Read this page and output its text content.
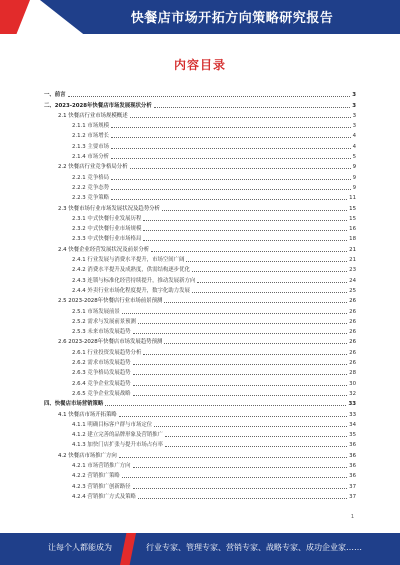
快餐店市场开拓方向策略研究报告
内容目录
一、前言	3
二、2023-2028年快餐店市场发展现状分析	3
2.1 快餐店行业市场规模概述	3
2.1.1 市场规模	3
2.1.2 市场增长	4
2.1.3 主要市场	4
2.1.4 市场分析	5
2.2 快餐店行业竞争格局分析	9
2.2.1 竞争格局	9
2.2.2 竞争态势	9
2.2.3 竞争策略	11
2.3 快餐市场行业市场发展状况及趋势分析	15
2.3.1 中式快餐行业发展历程	15
2.3.2 中式快餐行业市场规模	16
2.3.3 中式快餐行业市场格局	18
2.4 快餐企业经营发展状况及前景分析	21
2.4.1 行业发展与消费水平提升，市场空间广阔	21
2.4.2 消费水平提升及成熟度，供需结构逐步优化	23
2.4.3 连锁与标准化经营持续提升，推动发展新方向	24
2.4.4 外卖行业市场化程度提升，数字化助力发展	25
2.5 2023-2028年快餐店行业市场前景预测	26
2.5.1 市场发展前景	26
2.5.2 需求与发展前景预测	26
2.5.3 未来市场发展趋势	26
2.6 2023-2028年快餐店市场发展趋势预测	26
2.6.1 行业投资发展趋势分析	26
2.6.2 需求市场发展趋势	26
2.6.3 竞争格局发展趋势	28
2.6.4 竞争企业发展趋势	30
2.6.5 竞争企业发展战略	32
四、快餐店市场营销策略	33
4.1 快餐店市场开拓策略	33
4.1.1 明确目标客户群与市场定位	34
4.1.2 建立完善的品牌形象及营销推广	35
4.1.3 加快门店扩张与提升市场占有率	36
4.2 快餐店市场推广方向	36
4.2.1 市场营销推广方向	36
4.2.2 营销推广策略	36
4.2.3 营销推广创新路径	37
4.2.4 营销推广方式及策略	37
1
让每个人都能成为	行业专家、管理专家、营销专家、战略专家、成功企业家……
